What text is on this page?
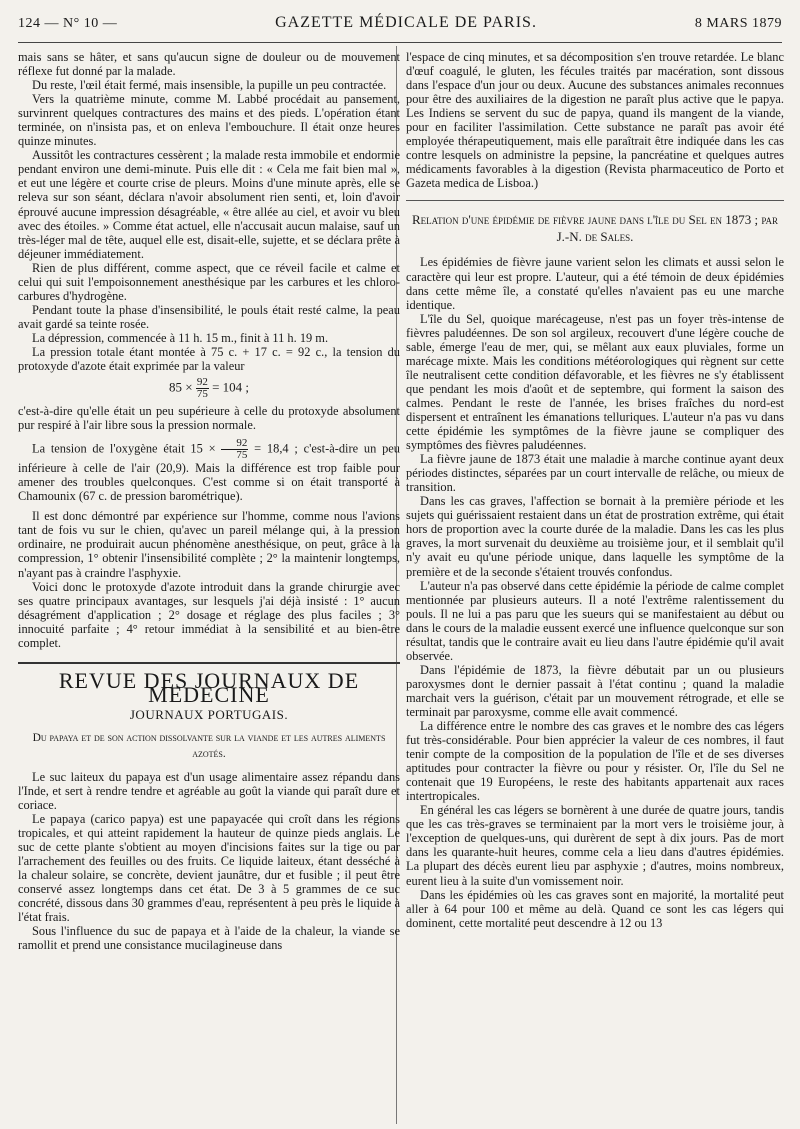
124 — N° 10 —	GAZETTE MÉDICALE DE PARIS.	8 MARS 1879

mais sans se hâter, et sans qu'aucun signe de douleur ou de mouvement réflexe fut donné par la malade.

Du reste, l'œil était fermé, mais insensible, la pupille un peu contractée.

Vers la quatrième minute, comme M. Labbé procédait au pansement, survinrent quelques contractures des mains et des pieds. L'opération étant terminée, on n'insista pas, et on enleva l'embouchure. Il était onze heures quinze minutes.

Aussitôt les contractures cessèrent ; la malade resta immobile et endormie pendant environ une demi-minute. Puis elle dit : « Cela me fait bien mal », et eut une légère et courte crise de pleurs. Moins d'une minute après, elle se releva sur son séant, déclara n'avoir absolument rien senti, et, loin d'avoir éprouvé aucune impression désagréable, « être allée au ciel, et avoir vu bleu avec des étoiles. » Comme état actuel, elle n'accusait aucun malaise, sauf un très-léger mal de tête, auquel elle est, disait-elle, sujette, et se déclara prête à déjeuner immédiatement.

Rien de plus différent, comme aspect, que ce réveil facile et calme et celui qui suit l'empoisonnement anesthésique par les carbures et les chloro-carbures d'hydrogène.

Pendant toute la phase d'insensibilité, le pouls était resté calme, la peau avait gardé sa teinte rosée.

La dépression, commencée à 11 h. 15 m., finit à 11 h. 19 m.

La pression totale étant montée à 75 c. + 17 c. = 92 c., la tension du protoxyde d'azote était exprimée par la valeur

$85 \times \frac{92}{75} = 104$ ;

c'est-à-dire qu'elle était un peu supérieure à celle du protoxyde absolument pur respiré à l'air libre sous la pression normale.

La tension de l'oxygène était $15 \times \frac{92}{75} = 18,4$ ; c'est-à-dire un peu inférieure à celle de l'air (20,9). Mais la différence est trop faible pour amener des troubles quelconques. C'est comme si on était transporté à Chamounix (67 c. de pression barométrique).

Il est donc démontré par expérience sur l'homme, comme nous l'avions tant de fois vu sur le chien, qu'avec un pareil mélange qui, à la pression ordinaire, ne produirait aucun phénomène anesthésique, on peut, grâce à la compression, 1° obtenir l'insensibilité complète ; 2° la maintenir longtemps, n'ayant pas à craindre l'asphyxie.

Voici donc le protoxyde d'azote introduit dans la grande chirurgie avec ses quatre principaux avantages, sur lesquels j'ai déjà insisté : 1° aucun désagrément d'application ; 2° dosage et réglage des plus faciles ; 3° innocuité parfaite ; 4° retour immédiat à la sensibilité et au bien-être complet.

REVUE DES JOURNAUX DE MEDECINE
JOURNAUX PORTUGAIS.
Du papaya et de son action dissolvante sur la viande et les autres aliments azotés.

Le suc laiteux du papaya est d'un usage alimentaire assez répandu dans l'Inde, et sert à rendre tendre et agréable au goût la viande qui paraît dure et coriace.

Le papaya (carico papya) est une papayacée qui croît dans les régions tropicales, et qui atteint rapidement la hauteur de quinze pieds anglais. Le suc de cette plante s'obtient au moyen d'incisions faites sur la tige ou par l'arrachement des feuilles ou des fruits. Ce liquide laiteux, étant desséché à la chaleur solaire, se concrète, devient jaunâtre, dur et fusible ; il peut être conservé assez longtemps dans cet état. De 3 à 5 grammes de ce suc concrété, dissous dans 30 grammes d'eau, représentent à peu près le liquide à l'état frais.

Sous l'influence du suc de papaya et à l'aide de la chaleur, la viande se ramollit et prend une consistance mucilagineuse dans

l'espace de cinq minutes, et sa décomposition s'en trouve retardée. Le blanc d'œuf coagulé, le gluten, les fécules traités par macération, sont dissous dans l'espace d'un jour ou deux. Aucune des substances animales reconnues pour être des auxiliaires de la digestion ne paraît plus active que le papya. Les Indiens se servent du suc de papya, quand ils mangent de la viande, pour en faciliter l'assimilation. Cette substance ne paraît pas avoir été employée thérapeutiquement, mais elle paraîtrait être indiquée dans les cas contre lesquels on administre la pepsine, la pancréatine et quelques autres médicaments favorables à la digestion (Revista pharmaceutico de Porto et Gazeta medica de Lisboa.)

Relation d'une épidémie de fièvre jaune dans l'île du Sel en 1873 ; par J.-N. de Sales.

Les épidémies de fièvre jaune varient selon les climats et aussi selon le caractère qui leur est propre. L'auteur, qui a été témoin de deux épidémies dans cette même île, a constaté qu'elles n'avaient pas eu une marche identique.

L'île du Sel, quoique marécageuse, n'est pas un foyer très-intense de fièvres paludéennes. De son sol argileux, recouvert d'une légère couche de sable, émerge l'eau de mer, qui, se mêlant aux eaux pluviales, forme un marécage mixte. Mais les conditions météorologiques qui règnent sur cette île neutralisent cette condition défavorable, et les fièvres ne s'y établissent que pendant les mois d'août et de septembre, qui forment la saison des calmes. Pendant le reste de l'année, les brises fraîches du nord-est dispersent et entraînent les émanations telluriques. L'auteur n'a pas vu dans cette épidémie les symptômes de la fièvre jaune se compliquer des symptômes des fièvres paludéennes.

La fièvre jaune de 1873 était une maladie à marche continue ayant deux périodes distinctes, séparées par un court intervalle de relâche, ou mieux de transition.

Dans les cas graves, l'affection se bornait à la première période et les sujets qui guérissaient restaient dans un état de prostration extrême, qui était hors de proportion avec la courte durée de la maladie. Dans les cas les plus graves, la mort survenait du deuxième au troisième jour, et il semblait qu'il n'y avait eu qu'une période unique, dans laquelle les symptôme de la première et de la seconde s'étaient trouvés confondus.

L'auteur n'a pas observé dans cette épidémie la période de calme complet mentionnée par plusieurs auteurs. Il a noté l'extrême ralentissement du pouls. Il ne lui a pas paru que les sueurs qui se manifestaient au début ou dans le cours de la maladie eussent exercé une influence quelconque sur son résultat, tandis que le contraire avait eu lieu dans l'autre épidémie qu'il avait observée.

Dans l'épidémie de 1873, la fièvre débutait par un ou plusieurs paroxysmes dont le dernier passait à l'état continu ; quand la maladie marchait vers la guérison, c'était par un mouvement rétrograde, et elle se terminait par paroxysme, comme elle avait commencé.

La différence entre le nombre des cas graves et le nombre des cas légers fut très-considérable. Pour bien apprécier la valeur de ces nombres, il faut tenir compte de la composition de la population de l'île et de ses diverses aptitudes pour contracter la fièvre ou pour y résister. Or, l'île du Sel ne contenait que 19 Européens, le reste des habitants appartenait aux races intertropicales.

En général les cas légers se bornèrent à une durée de quatre jours, tandis que les cas très-graves se terminaient par la mort vers le troisième jour, à l'exception de quelques-uns, qui durèrent de sept à dix jours. Pas de mort dans les quarante-huit heures, comme cela a lieu dans d'autres épidémies. La plupart des décès eurent lieu par asphyxie ; d'autres, moins nombreux, eurent lieu à la suite d'un vomissement noir.

Dans les épidémies où les cas graves sont en majorité, la mortalité peut aller à 64 pour 100 et même au delà. Quand ce sont les cas légers qui dominent, cette mortalité peut descendre à 12 ou 13
